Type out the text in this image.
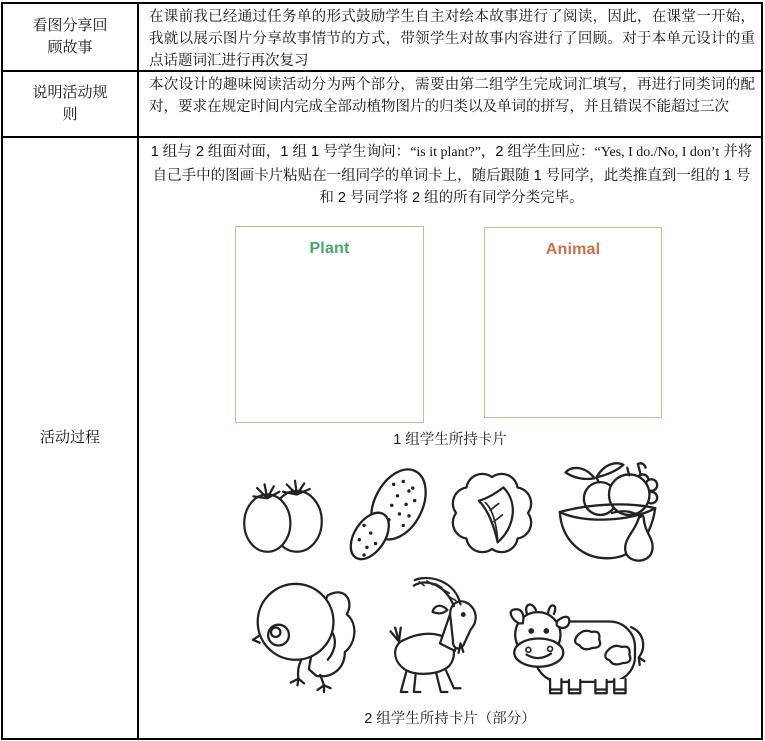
看图分享回顾故事
在课前我已经通过任务单的形式鼓励学生自主对绘本故事进行了阅读，因此，在课堂一开始，我就以展示图片分享故事情节的方式，带领学生对故事内容进行了回顾。对于本单元设计的重点话题词汇进行再次复习
说明活动规则
本次设计的趣味阅读活动分为两个部分，需要由第二组学生完成词汇填写，再进行同类词的配对，要求在规定时间内完成全部动植物图片的归类以及单词的拼写，并且错误不能超过三次
活动过程

1 组与 2 组面对面，1 组 1 号学生询问：“is it plant?”，2 组学生回应：“Yes, I do./No, I don’t 并将自己手中的图画卡片粘贴在一组同学的单词卡上，随后跟随 1 号同学，此类推直到一组的 1 号和 2 号同学将 2 组的所有同学分类完毕。

Plant	Animal
1 组学生所持卡片
2 组学生所持卡片（部分）
